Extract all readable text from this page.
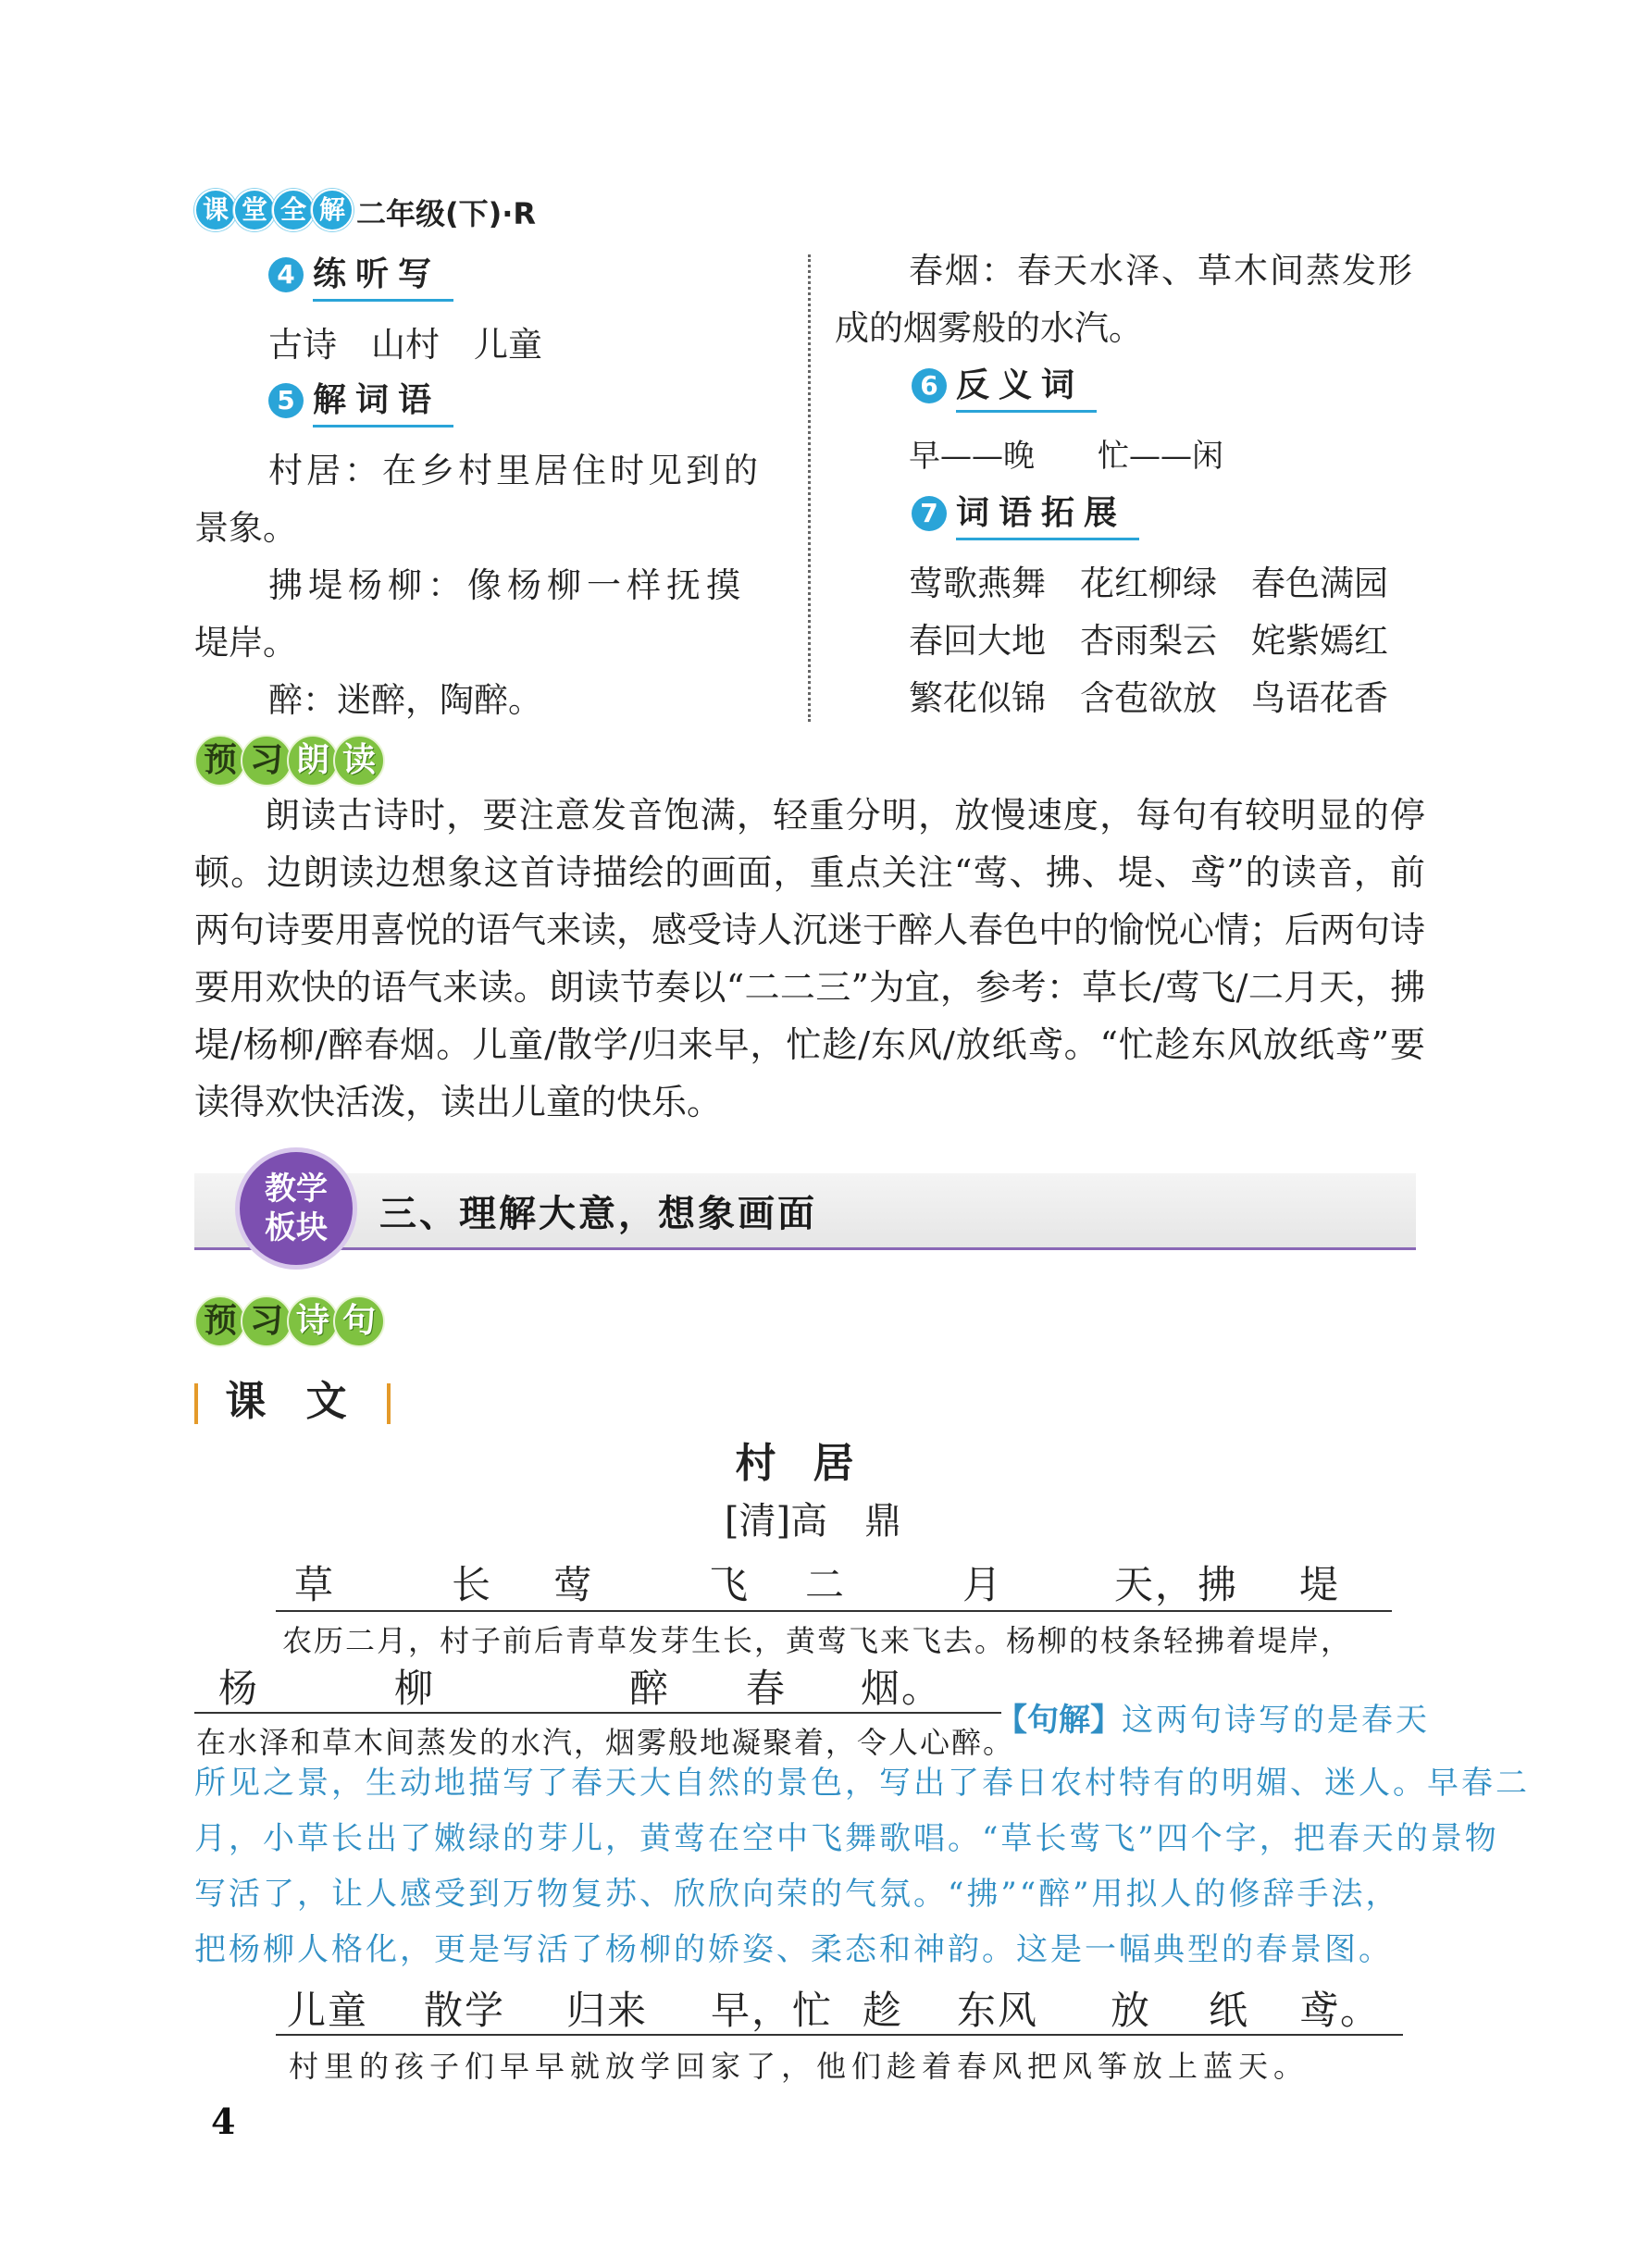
课 堂 全 解 二年级(下)·R
4 练听写
古诗　山村　儿童
5 解词语
村居：在乡村里居住时见到的
景象。
拂堤杨柳：像杨柳一样抚摸
堤岸。
醉：迷醉，陶醉。
春烟：春天水泽、草木间蒸发形
成的烟雾般的水汽。
6 反义词
早——晚　　忙——闲
7 词语拓展
莺歌燕舞　花红柳绿　春色满园
春回大地　杏雨梨云　姹紫嫣红
繁花似锦　含苞欲放　鸟语花香
预 习 朗 读
朗读古诗时，要注意发音饱满，轻重分明，放慢速度，每句有较明显的停顿。边朗读边想象这首诗描绘的画面，重点关注“莺、拂、堤、鸢”的读音，前两句诗要用喜悦的语气来读，感受诗人沉迷于醉人春色中的愉悦心情；后两句诗要用欢快的语气来读。朗读节奏以“二二三”为宜，参考：草长/莺飞/二月天，拂堤/杨柳/醉春烟。儿童/散学/归来早，忙趁/东风/放纸鸢。“忙趁东风放纸鸢”要读得欢快活泼，读出儿童的快乐。
教学
板块	三、理解大意，想象画面
预 习 诗 句
课 文
村居
[清]高　鼎
草	长 莺	飞 二	月	天， 拂 堤
农历二月，村子前后青草发芽生长，黄莺飞来飞去。杨柳的枝条轻拂着堤岸，
杨	柳	醉 春 烟。
在水泽和草木间蒸发的水汽，烟雾般地凝聚着，令人心醉。
【句解】这两句诗写的是春天
所见之景，生动地描写了春天大自然的景色，写出了春日农村特有的明媚、迷人。早春二
月，小草长出了嫩绿的芽儿，黄莺在空中飞舞歌唱。“草长莺飞”四个字，把春天的景物
写活了，让人感受到万物复苏、欣欣向荣的气氛。“拂”“醉”用拟人的修辞手法，
把杨柳人格化，更是写活了杨柳的娇姿、柔态和神韵。这是一幅典型的春景图。
儿童 散学 归来 早，忙 趁 东风 放 纸 鸢。
村里的孩子们早早就放学回家了，他们趁着春风把风筝放上蓝天。
4
